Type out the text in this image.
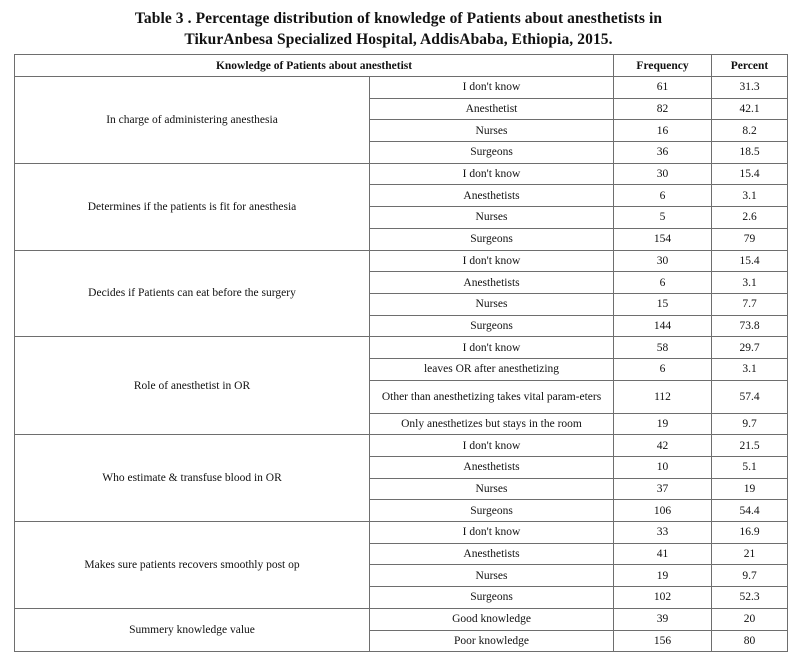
Table 3 . Percentage distribution of knowledge of Patients about anesthetists in
TikurAnbesa Specialized Hospital, AddisAbaba, Ethiopia, 2015.
Knowledge of Patients about anesthetist		Frequency	Percent
In charge of administering anesthesia	I don't know	61	31.3
	Anesthetist	82	42.1
	Nurses	16	8.2
	Surgeons	36	18.5
Determines if the patients is fit for anesthesia	I don't know	30	15.4
	Anesthetists	6	3.1
	Nurses	5	2.6
	Surgeons	154	79
Decides if Patients can eat before the surgery	I don't know	30	15.4
	Anesthetists	6	3.1
	Nurses	15	7.7
	Surgeons	144	73.8
Role of anesthetist in OR	I don't know	58	29.7
	leaves OR after anesthetizing	6	3.1
	Other than anesthetizing takes vital param-eters	112	57.4
	Only anesthetizes but stays in the room	19	9.7
Who estimate & transfuse blood in OR	I don't know	42	21.5
	Anesthetists	10	5.1
	Nurses	37	19
	Surgeons	106	54.4
Makes sure patients recovers smoothly post op	I don't know	33	16.9
	Anesthetists	41	21
	Nurses	19	9.7
	Surgeons	102	52.3
Summery knowledge value	Good knowledge	39	20
	Poor knowledge	156	80
